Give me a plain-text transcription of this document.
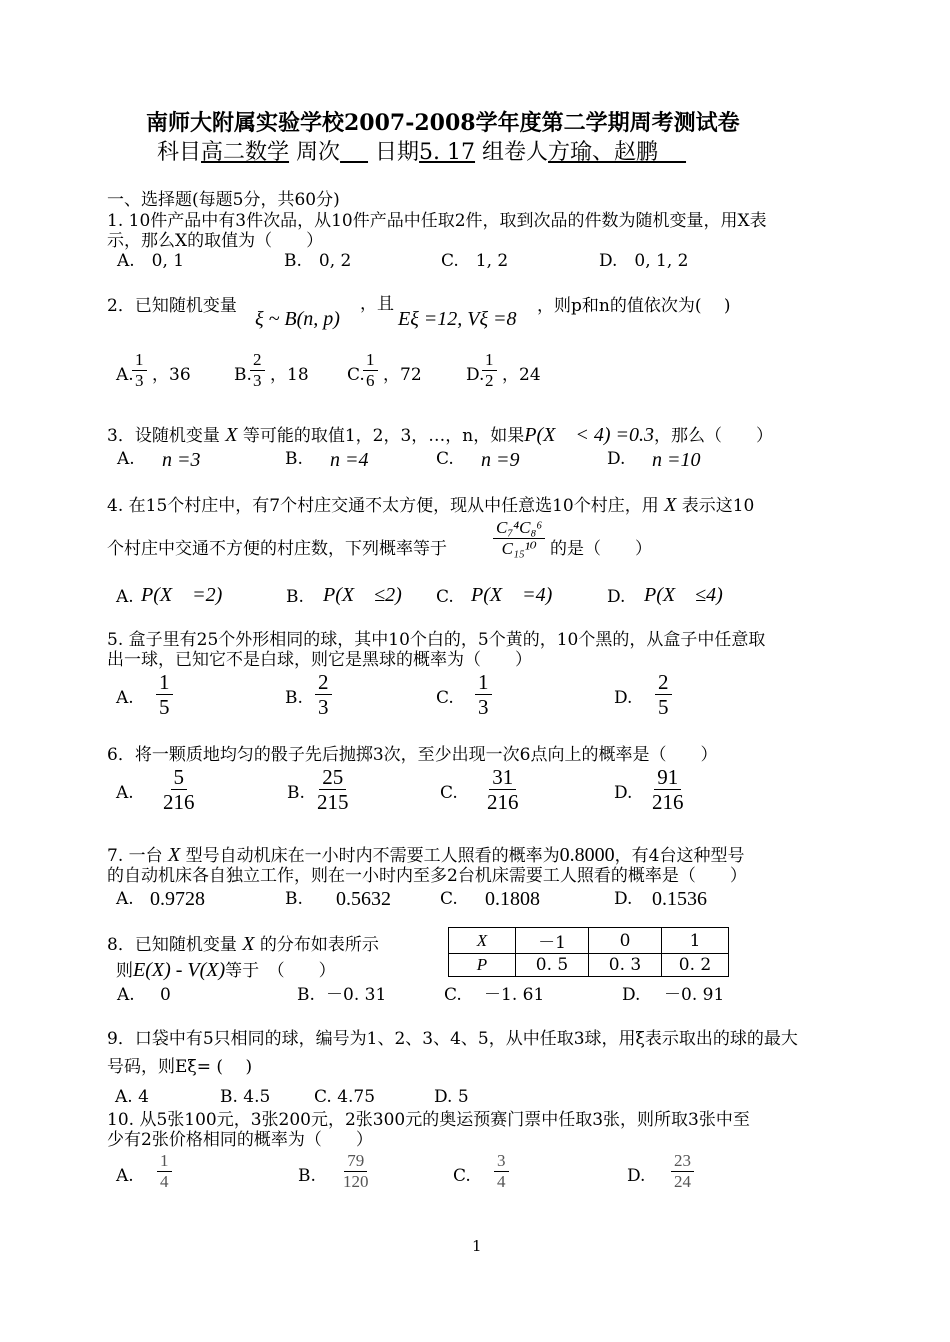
南师大附属实验学校2007-2008学年度第二学期周考测试卷
科目高二数学 周次 日期5. 17 组卷人方瑜、赵鹏
一、选择题(每题5分，共60分)
1. 10件产品中有3件次品，从10件产品中任取2件，取到次品的件数为随机变量，用X表
示，那么X的取值为（　　）
A.　0, 1	B.　0, 2	C.　1, 2	D.　0, 1, 2
2．已知随机变量
ξ ~ B(n, p)
，且
Eξ =12, Vξ =8
，则p和n的值依次为(　 )
A.
$\frac{1}{3}$ ，36	B.
$\frac{2}{3}$ ，18 C.
$\frac{1}{6}$ ，72	D.
$\frac{1}{2}$ ，24
3．设随机变量 X 等可能的取值1，2，3，…，n，如果P(X　< 4) =0.3，那么（　　）
A. n =3	B. n =4	C. n =9	D. n =10
4. 在15个村庄中，有7个村庄交通不太方便，现从中任意选10个村庄，用 X 表示这10
个村庄中交通不方便的村庄数，下列概率等于	$\frac{\text{C₇⁴C₈⁶}}{\text{C₁₅¹⁰}}$ 的是（　　）
A. P(X　=2)	B. P(X　≤2) C. P(X　=4)	D. P(X　≤4)
5. 盒子里有25个外形相同的球，其中10个白的，5个黄的，10个黑的，从盒子中任意取
出一球，已知它不是白球，则它是黑球的概率为（　　）
A. $\frac{1}{5}$	B. $\frac{2}{3}$	C. $\frac{1}{3}$	D. $\frac{2}{5}$
6．将一颗质地均匀的骰子先后抛掷3次，至少出现一次6点向上的概率是（　　）
A. $\frac{5}{216}$	B. $\frac{25}{215}$	C. $\frac{31}{216}$	D. $\frac{91}{216}$
7. 一台 X 型号自动机床在一小时内不需要工人照看的概率为0.8000，有4台这种型号
的自动机床各自独立工作，则在一小时内至多2台机床需要工人照看的概率是（　　）
A. 0.9728	B. 0.5632	C. 0.1808	D. 0.1536
8．已知随机变量 X 的分布如表所示
则E(X) - V(X)等于　（　　）
X	－1	0	1
P	0. 5	0. 3	0. 2
A. 0	B. －0. 31	C. －1. 61	D. －0. 91
9．口袋中有5只相同的球，编号为1、2、3、4、5，从中任取3球，用ξ表示取出的球的最大
号码，则Eξ= (　 )
A. 4	B. 4.5	C. 4.75	D. 5
10. 从5张100元，3张200元，2张300元的奥运预赛门票中任取3张，则所取3张中至
少有2张价格相同的概率为（　　）
A. $\frac{1}{4}$	B. $\frac{79}{120}$	C. $\frac{3}{4}$	D. $\frac{23}{24}$
1
